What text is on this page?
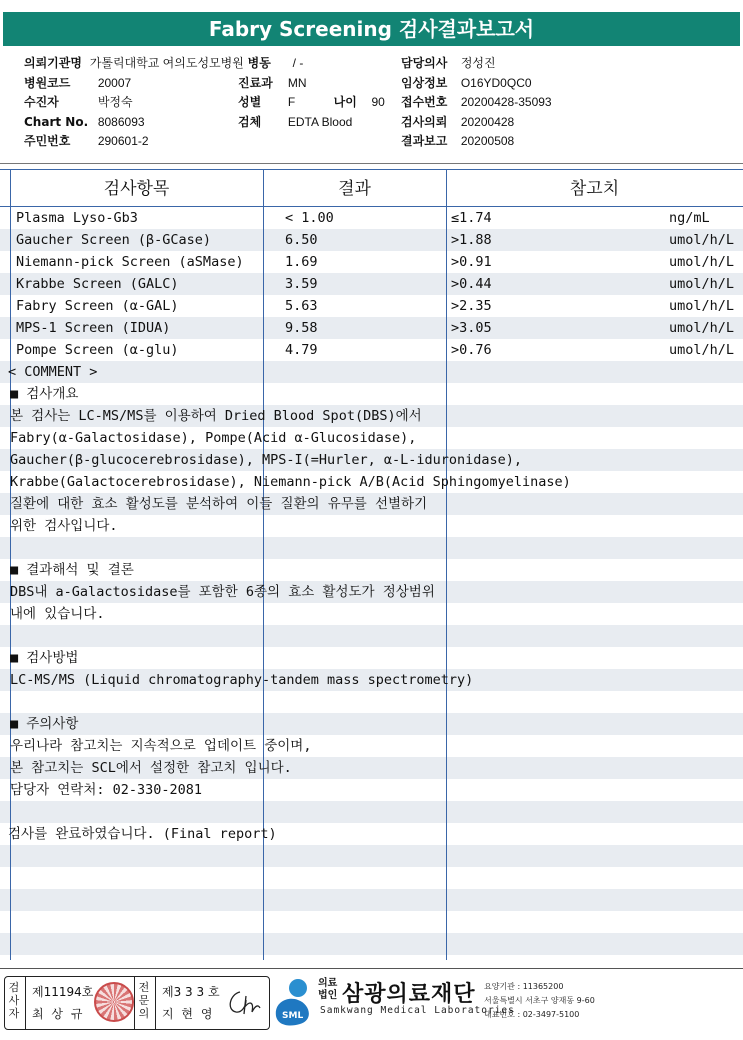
Fabry Screening 검사결과보고서
의뢰기관명 가톨릭대학교 여의도성모병원 병동 / -
병원코드 20007
수진자	박정숙
Chart No. 8086093
주민번호 290601-2
진료과 MN
성별 F	나이 90
검체 EDTA Blood
담당의사 정성진
임상정보 O16YD0QC0
접수번호 20200428-35093
검사의뢰 20200428
결과보고 20200508
검사항목	결과	참고치
Plasma Lyso-Gb3	< 1.00	≤1.74	ng/mL
Gaucher Screen (β-GCase)	6.50	>1.88	umol/h/L
Niemann-pick Screen (aSMase)	1.69	>0.91	umol/h/L
Krabbe Screen (GALC)	3.59	>0.44	umol/h/L
Fabry Screen (α-GAL)	5.63	>2.35	umol/h/L
MPS-1 Screen (IDUA)	9.58	>3.05	umol/h/L
Pompe Screen (α-glu)	4.79	>0.76	umol/h/L
< COMMENT >
■ 검사개요
본 검사는 LC-MS/MS를 이용하여 Dried Blood Spot(DBS)에서
Fabry(α-Galactosidase), Pompe(Acid α-Glucosidase),
Gaucher(β-glucocerebrosidase), MPS-I(=Hurler, α-L-iduronidase),
Krabbe(Galactocerebrosidase), Niemann-pick A/B(Acid Sphingomyelinase)
질환에 대한 효소 활성도를 분석하여 이들 질환의 유무를 선별하기
위한 검사입니다.
■ 결과해석 및 결론
DBS내 a-Galactosidase를 포함한 6종의 효소 활성도가 정상범위
내에 있습니다.
■ 검사방법
LC-MS/MS (Liquid chromatography-tandem mass spectrometry)
■ 주의사항
우리나라 참고치는 지속적으로 업데이트 중이며,
본 참고치는 SCL에서 설정한 참고치 입니다.
담당자 연락처: 02-330-2081
검사를 완료하였습니다. (Final report)
검사자
제11194호
최 상 규
전문의
제3 3 3 호
지 현 영	SML
의료법인 삼광의료재단
Samkwang Medical Laboratories
요양기관 : 11365200
서울특별시 서초구 양재동 9-60
대표번호 : 02-3497-5100
